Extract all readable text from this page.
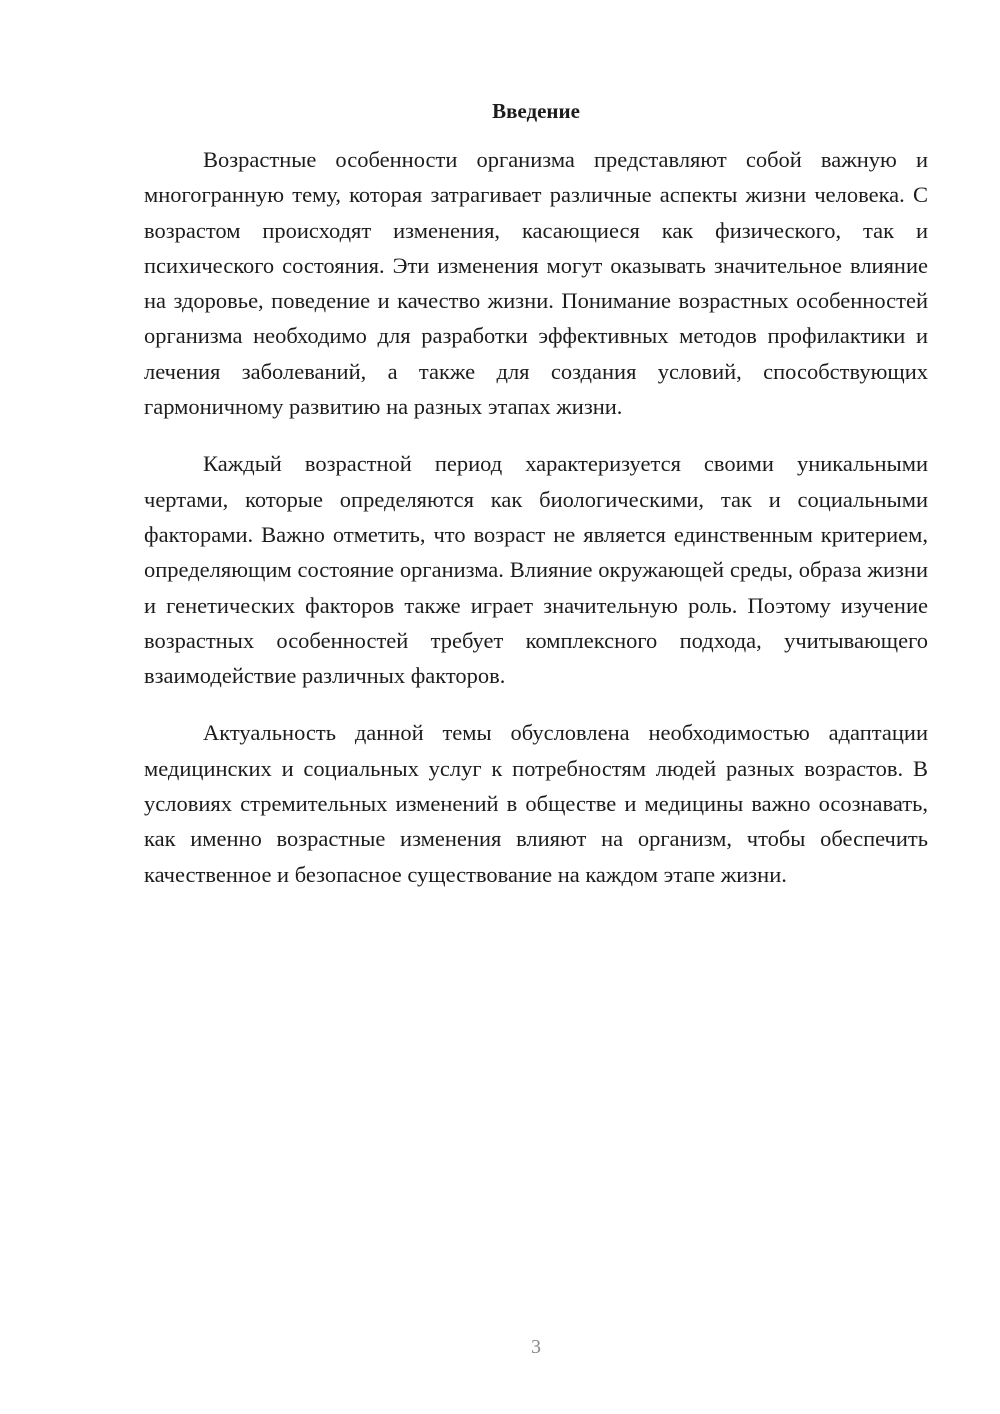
Введение

Возрастные особенности организма представляют собой важную и многогранную тему, которая затрагивает различные аспекты жизни человека. С возрастом происходят изменения, касающиеся как физического, так и психического состояния. Эти изменения могут оказывать значительное влияние на здоровье, поведение и качество жизни. Понимание возрастных особенностей организма необходимо для разработки эффективных методов профилактики и лечения заболеваний, а также для создания условий, способствующих гармоничному развитию на разных этапах жизни.

Каждый возрастной период характеризуется своими уникальными чертами, которые определяются как биологическими, так и социальными факторами. Важно отметить, что возраст не является единственным критерием, определяющим состояние организма. Влияние окружающей среды, образа жизни и генетических факторов также играет значительную роль. Поэтому изучение возрастных особенностей требует комплексного подхода, учитывающего взаимодействие различных факторов.

Актуальность данной темы обусловлена необходимостью адаптации медицинских и социальных услуг к потребностям людей разных возрастов. В условиях стремительных изменений в обществе и медицины важно осознавать, как именно возрастные изменения влияют на организм, чтобы обеспечить качественное и безопасное существование на каждом этапе жизни.

3
